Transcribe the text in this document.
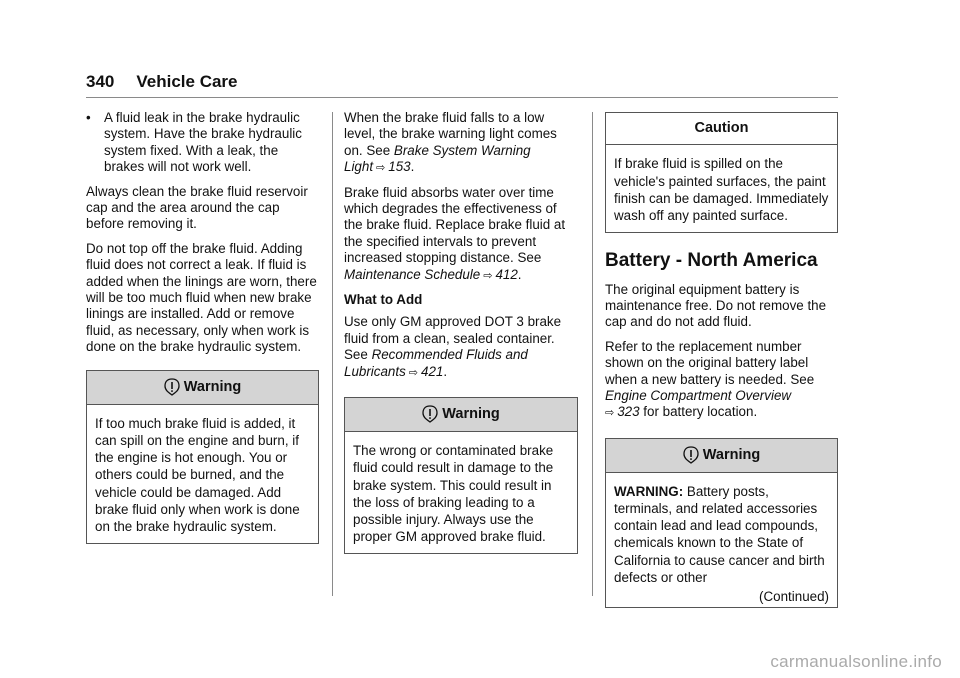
340 Vehicle Care
• A fluid leak in the brake hydraulic system. Have the brake hydraulic system fixed. With a leak, the brakes will not work well.

Always clean the brake fluid reservoir cap and the area around the cap before removing it.

Do not top off the brake fluid. Adding fluid does not correct a leak. If fluid is added when the linings are worn, there will be too much fluid when new brake linings are installed. Add or remove fluid, as necessary, only when work is done on the brake hydraulic system.

Warning
If too much brake fluid is added, it can spill on the engine and burn, if the engine is hot enough. You or others could be burned, and the vehicle could be damaged. Add brake fluid only when work is done on the brake hydraulic system.

When the brake fluid falls to a low level, the brake warning light comes on. See Brake System Warning Light ⇨ 153.

Brake fluid absorbs water over time which degrades the effectiveness of the brake fluid. Replace brake fluid at the specified intervals to prevent increased stopping distance. See Maintenance Schedule ⇨ 412.

What to Add

Use only GM approved DOT 3 brake fluid from a clean, sealed container. See Recommended Fluids and Lubricants ⇨ 421.

Warning
The wrong or contaminated brake fluid could result in damage to the brake system. This could result in the loss of braking leading to a possible injury. Always use the proper GM approved brake fluid.
Caution
If brake fluid is spilled on the vehicle's painted surfaces, the paint finish can be damaged. Immediately wash off any painted surface.
Battery - North America

The original equipment battery is maintenance free. Do not remove the cap and do not add fluid.

Refer to the replacement number shown on the original battery label when a new battery is needed. See Engine Compartment Overview
⇨ 323 for battery location.

Warning
WARNING: Battery posts, terminals, and related accessories contain lead and lead compounds, chemicals known to the State of California to cause cancer and birth defects or other
(Continued)
carmanualsonline.info
